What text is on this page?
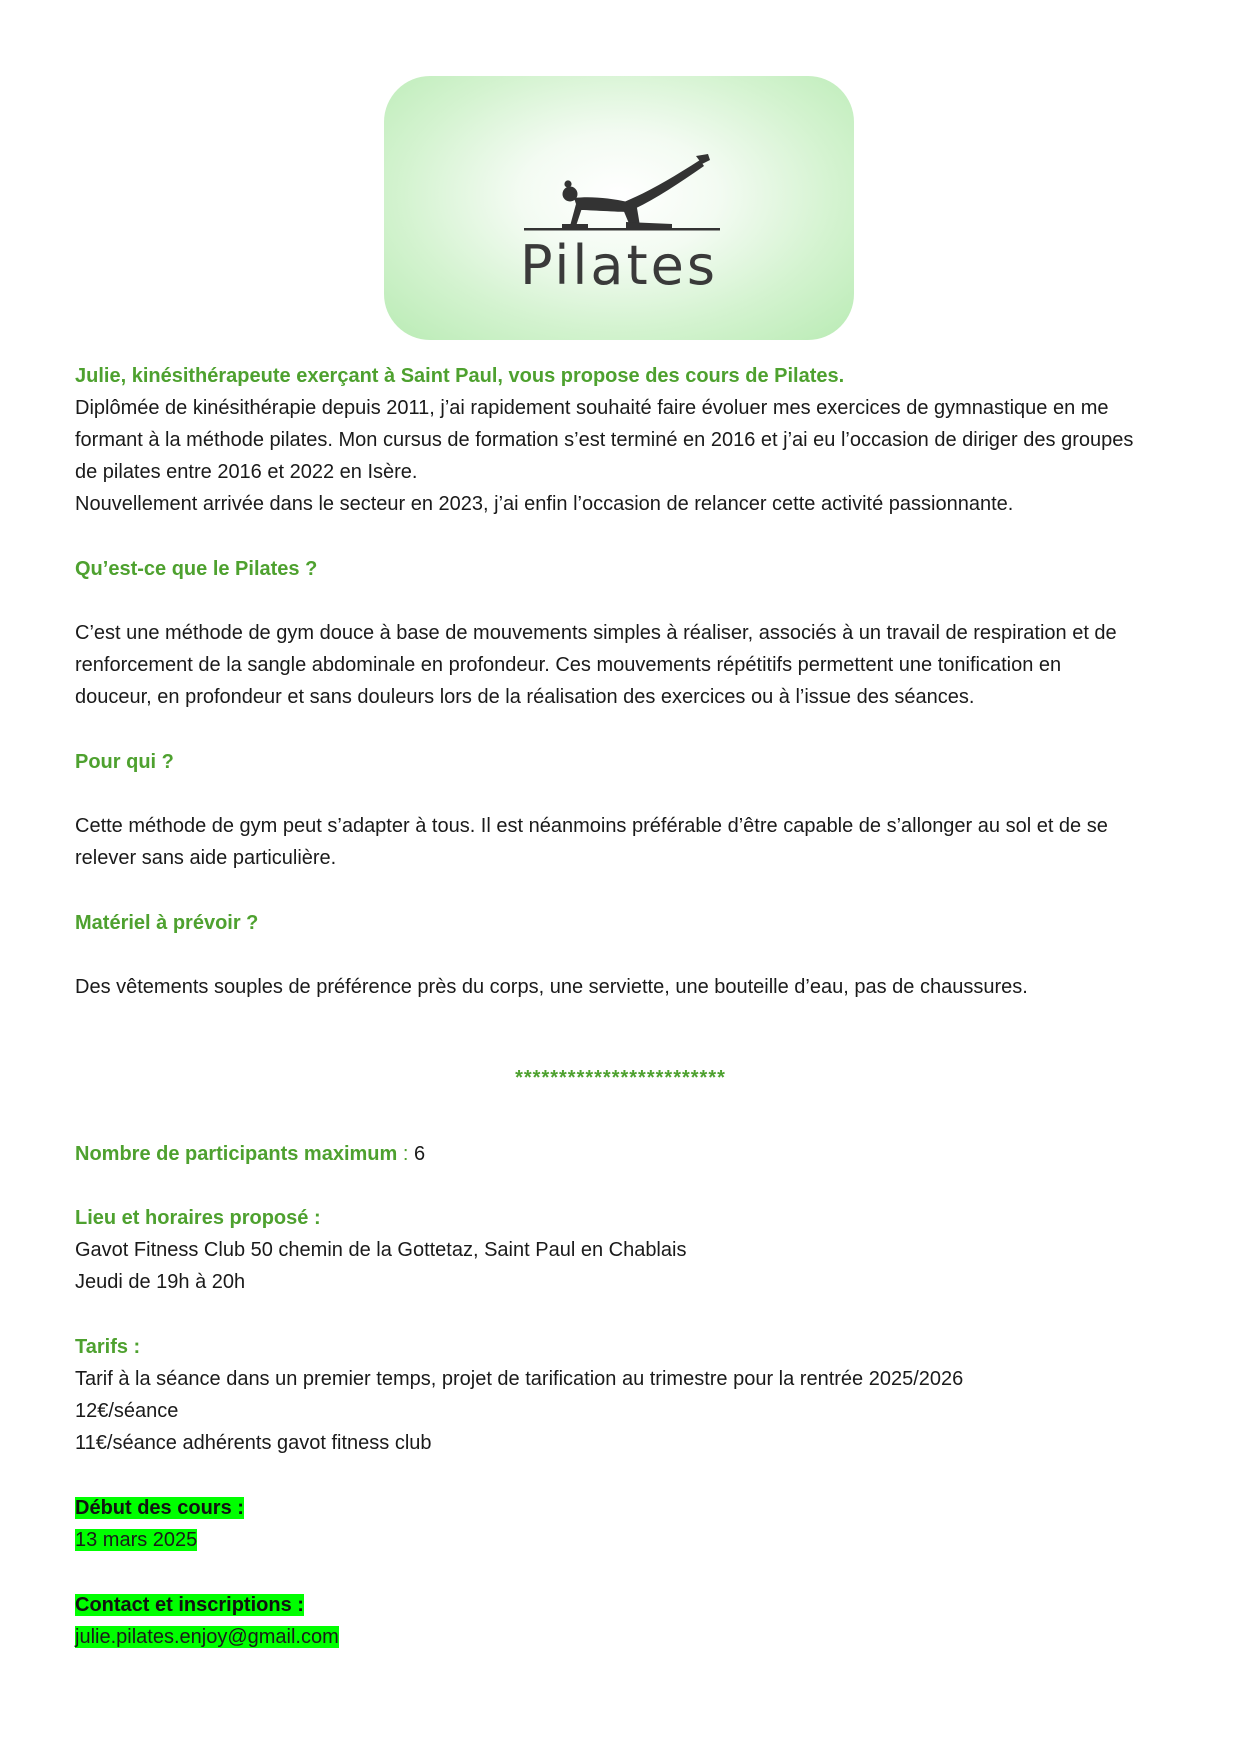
Pilates

Julie, kinésithérapeute exerçant à Saint Paul, vous propose des cours de Pilates.

Diplômée de kinésithérapie depuis 2011, j’ai rapidement souhaité faire évoluer mes exercices de gymnastique en me

formant à la méthode pilates. Mon cursus de formation s’est terminé en 2016 et j’ai eu l’occasion de diriger des groupes

de pilates entre 2016 et 2022 en Isère.

Nouvellement arrivée dans le secteur en 2023, j’ai enfin l’occasion de relancer cette activité passionnante.

Qu’est-ce que le Pilates ?

C’est une méthode de gym douce à base de mouvements simples à réaliser, associés à un travail de respiration et de

renforcement de la sangle abdominale en profondeur. Ces mouvements répétitifs permettent une tonification en

douceur, en profondeur et sans douleurs lors de la réalisation des exercices ou à l’issue des séances.

Pour qui ?

Cette méthode de gym peut s’adapter à tous. Il est néanmoins préférable d’être capable de s’allonger au sol et de se

relever sans aide particulière.

Matériel à prévoir ?

Des vêtements souples de préférence près du corps, une serviette, une bouteille d’eau, pas de chaussures.

************************

Nombre de participants maximum : 6

Lieu et horaires proposé :

Gavot Fitness Club 50 chemin de la Gottetaz, Saint Paul en Chablais

Jeudi de 19h à 20h

Tarifs :

Tarif à la séance dans un premier temps, projet de tarification au trimestre pour la rentrée 2025/2026

12€/séance

11€/séance adhérents gavot fitness club

Début des cours :

13 mars 2025

Contact et inscriptions :

julie.pilates.enjoy@gmail.com
